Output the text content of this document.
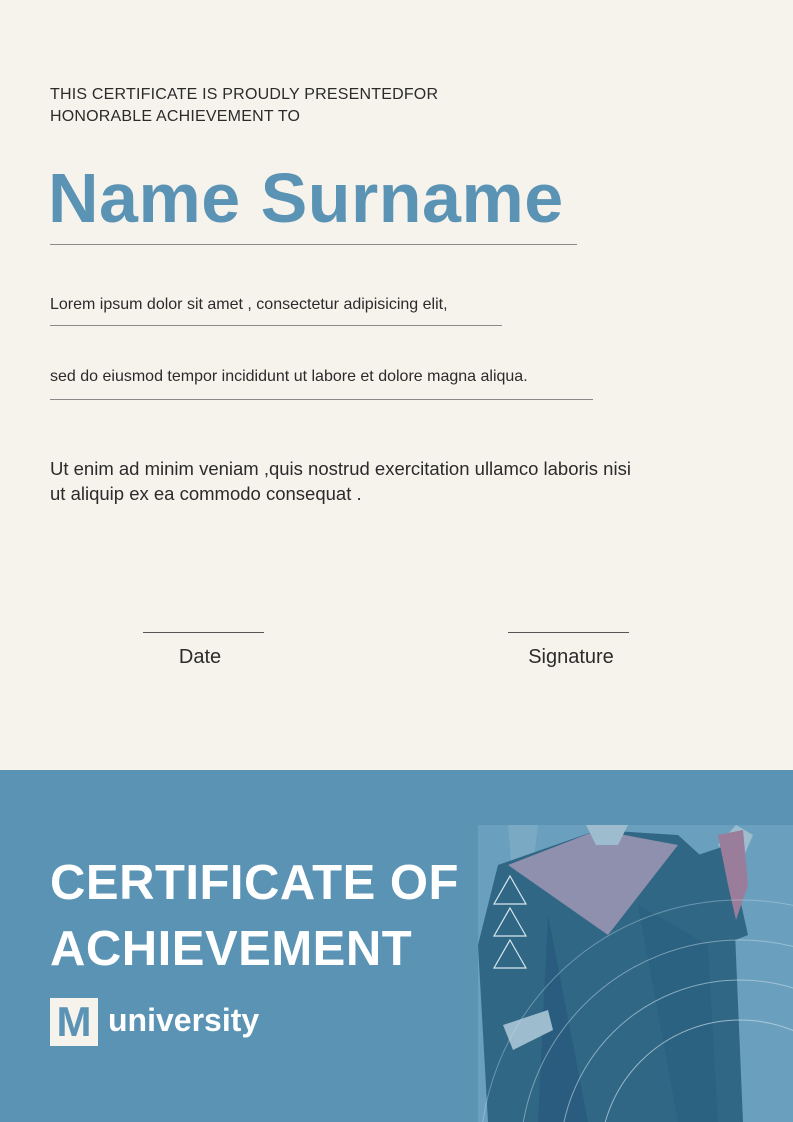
THIS CERTIFICATE IS PROUDLY PRESENTEDFOR HONORABLE ACHIEVEMENT TO
Name Surname
Lorem ipsum dolor sit amet , consectetur adipisicing elit,
sed do eiusmod tempor incididunt ut labore et dolore magna aliqua.
Ut enim ad minim veniam ,quis nostrud exercitation ullamco laboris nisi ut aliquip ex ea commodo consequat .
Date	Signature
CERTIFICATE OF ACHIEVEMENT
M university
